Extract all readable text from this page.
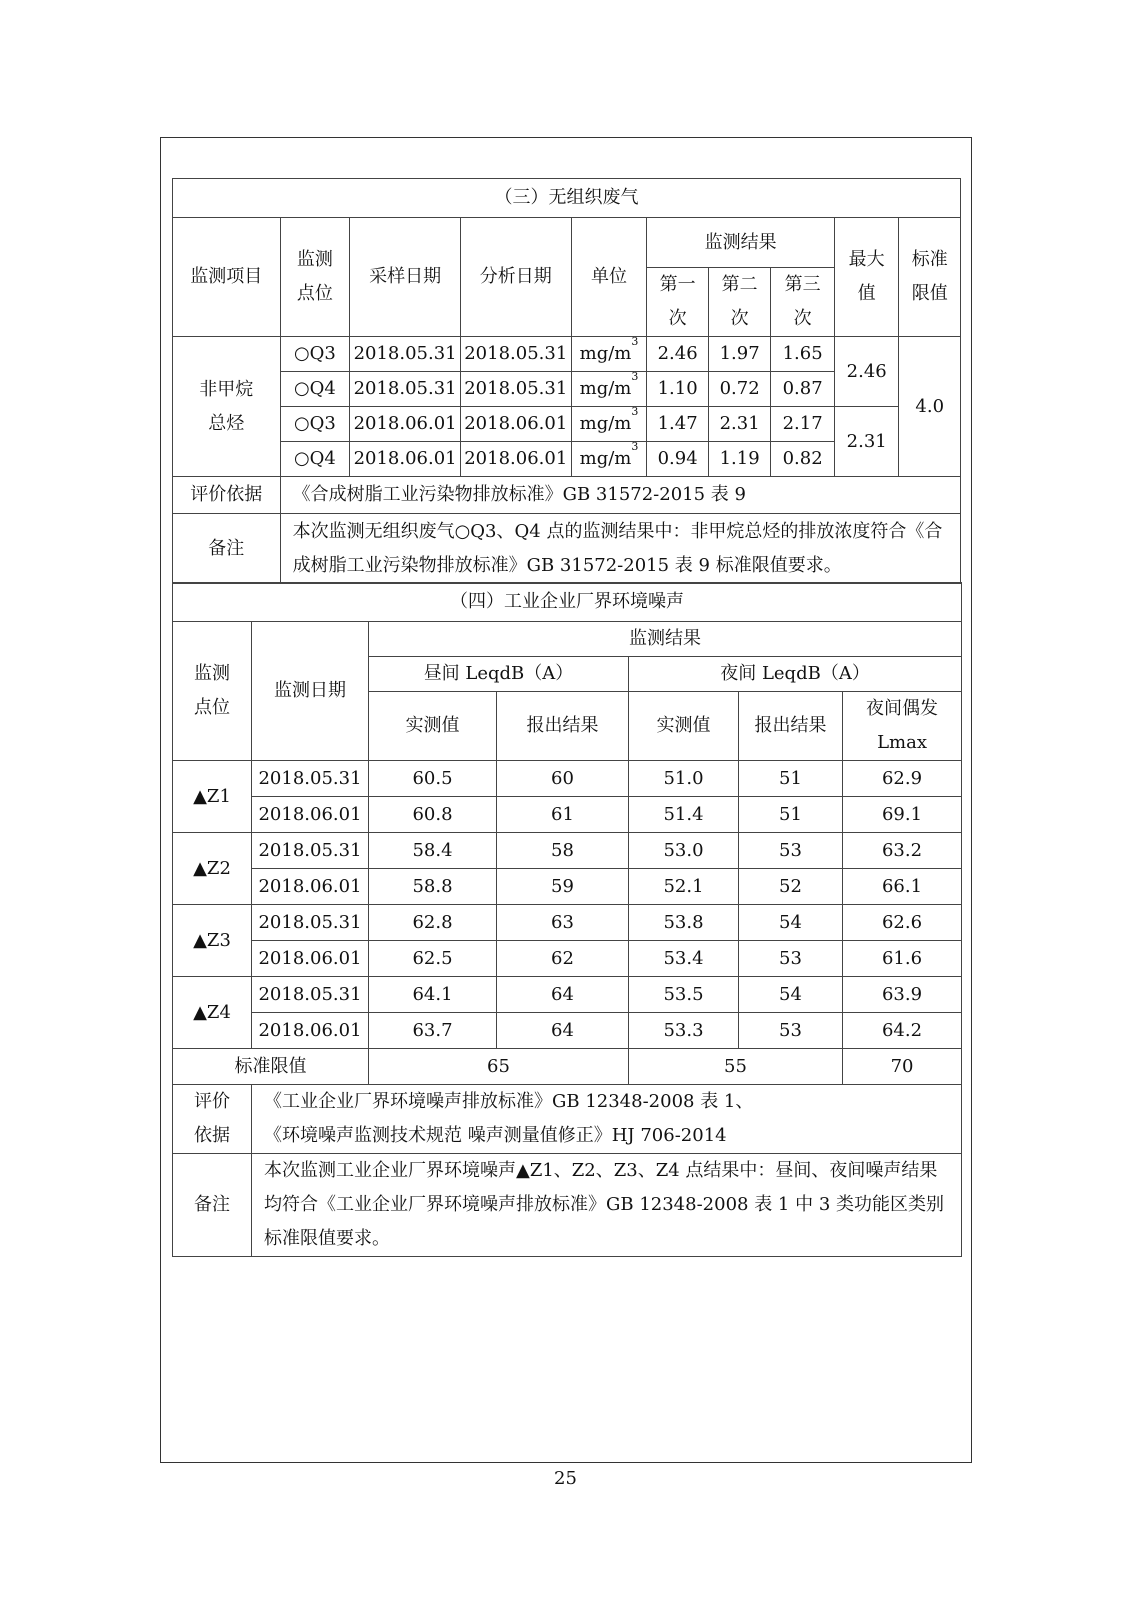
（三）无组织废气									
监测项目	监测点位	采样日期	分析日期	单位	监测结果			最大值	标准限值
					第一次	第二次	第三次		
非甲烷总烃	○Q3	2018.05.31	2018.05.31	$mg/m^3$	2.46	1.97	1.65	2.46	4.0
	○Q4	2018.05.31	2018.05.31	$mg/m^3$	1.10	0.72	0.87		
	○Q3	2018.06.01	2018.06.01	$mg/m^3$	1.47	2.31	2.17	2.31	
	○Q4	2018.06.01	2018.06.01	$mg/m^3$	0.94	1.19	0.82		
评价依据	《合成树脂工业污染物排放标准》GB 31572-2015 表 9								
备注	本次监测无组织废气○Q3、Q4 点的监测结果中：非甲烷总烃的排放浓度符合《合成树脂工业污染物排放标准》GB 31572-2015 表 9 标准限值要求。								
（四）工业企业厂界环境噪声						
监测点位	监测日期	监测结果				
		昼间 LeqdB（A）		夜间 LeqdB（A）		
		实测值	报出结果	实测值	报出结果	夜间偶发Lmax
▲Z1	2018.05.31	60.5	60	51.0	51	62.9
	2018.06.01	60.8	61	51.4	51	69.1
▲Z2	2018.05.31	58.4	58	53.0	53	63.2
	2018.06.01	58.8	59	52.1	52	66.1
▲Z3	2018.05.31	62.8	63	53.8	54	62.6
	2018.06.01	62.5	62	53.4	53	61.6
▲Z4	2018.05.31	64.1	64	53.5	54	63.9
	2018.06.01	63.7	64	53.3	53	64.2
标准限值		65		55		70
评价依据	《工业企业厂界环境噪声排放标准》GB 12348-2008 表 1、
《环境噪声监测技术规范 噪声测量值修正》HJ 706-2014					

备注	本次监测工业企业厂界环境噪声▲Z1、Z2、Z3、Z4 点结果中：昼间、夜间噪声结果均符合《工业企业厂界环境噪声排放标准》GB 12348-2008 表 1 中 3 类功能区类别标准限值要求。					
25
